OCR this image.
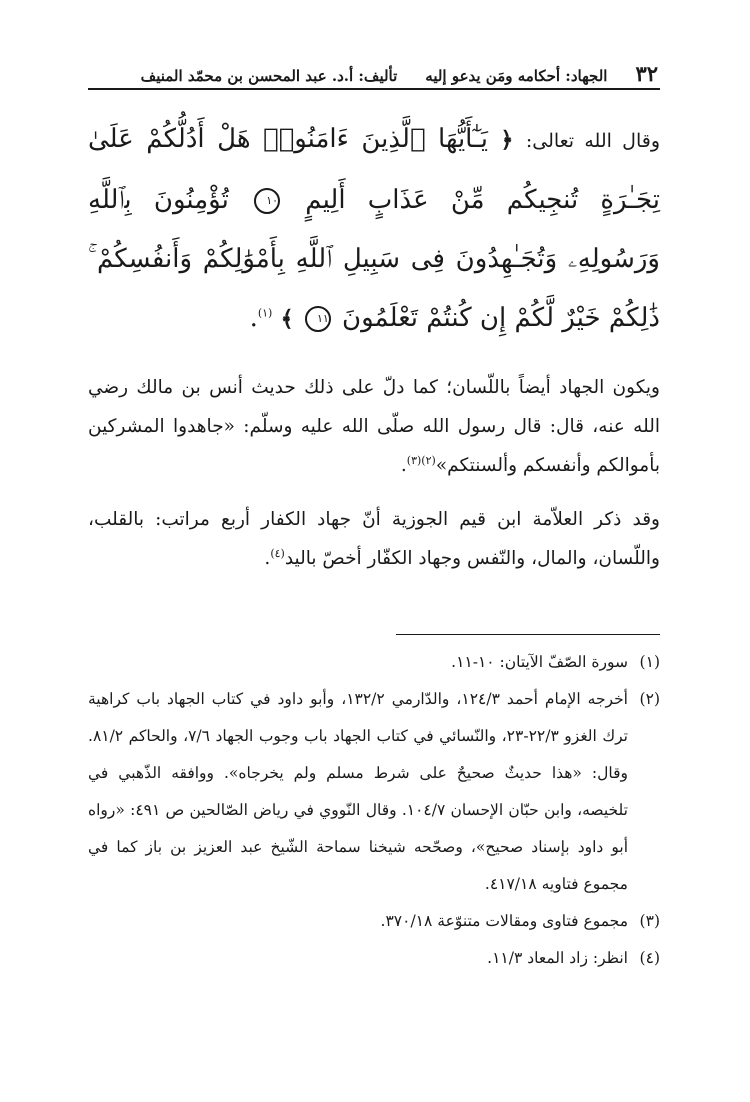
٣٢
الجهاد: أحكامه ومَن يدعو إليه
تأليف: أ.د. عبد المحسن بن محمّد المنيف
وقال الله تعالى: ﴿ يَـٰٓأَيُّهَا ٱلَّذِينَ ءَامَنُوا۟ هَلْ أَدُلُّكُمْ عَلَىٰ تِجَـٰرَةٍ تُنجِيكُم مِّنْ عَذَابٍ أَلِيمٍ ١٠ تُؤْمِنُونَ بِٱللَّهِ وَرَسُولِهِۦ وَتُجَـٰهِدُونَ فِى سَبِيلِ ٱللَّهِ بِأَمْوَٰلِكُمْ وَأَنفُسِكُمْ ۚ ذَٰلِكُمْ خَيْرٌ لَّكُمْ إِن كُنتُمْ تَعْلَمُونَ ١١ ﴾ $^{(١)}$.
ويكون الجهاد أيضاً باللّسان؛ كما دلّ على ذلك حديث أنس بن مالك رضي الله عنه، قال: قال رسول الله صلّى الله عليه وسلّم: «جاهدوا المشركين بأموالكم وأنفسكم وألسنتكم»$^{(٢)(٣)}$.
وقد ذكر العلاّمة ابن قيم الجوزية أنّ جهاد الكفار أربع مراتب: بالقلب، واللّسان، والمال، والنّفس وجهاد الكفّار أخصّ باليد$^{(٤)}$.
(١)
سورة الصّفّ الآيتان: ١٠-١١.
(٢)
أخرجه الإمام أحمد ١٢٤/٣، والدّارمي ١٣٢/٢، وأبو داود في كتاب الجهاد باب كراهية ترك الغزو ٢٢/٣-٢٣، والنّسائي في كتاب الجهاد باب وجوب الجهاد ٧/٦، والحاكم ٨١/٢. وقال: «هذا حديثٌ صحيحٌ على شرط مسلم ولم يخرجاه». ووافقه الذّهبي في تلخيصه، وابن حبّان الإحسان ١٠٤/٧. وقال النّووي في رياض الصّالحين ص ٤٩١: «رواه أبو داود بإسناد صحيح»، وصحّحه شيخنا سماحة الشّيخ عبد العزيز بن باز كما في مجموع فتاويه ٤١٧/١٨.
(٣)
مجموع فتاوى ومقالات متنوّعة ٣٧٠/١٨.
(٤)
انظر: زاد المعاد ١١/٣.
